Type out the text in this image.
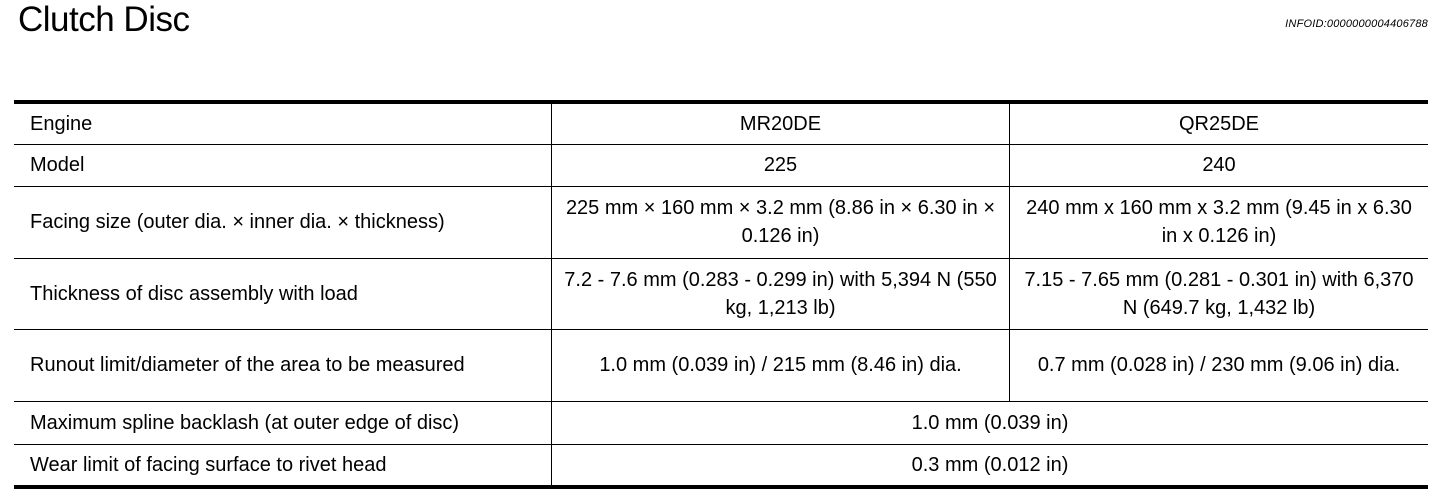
Clutch Disc	INFOID:0000000004406788
Engine	MR20DE	QR25DE
Model	225	240
Facing size (outer dia. × inner dia. × thickness)	225 mm × 160 mm × 3.2 mm (8.86 in × 6.30 in × 0.126 in)	240 mm x 160 mm x 3.2 mm (9.45 in x 6.30 in x 0.126 in)
Thickness of disc assembly with load	7.2 - 7.6 mm (0.283 - 0.299 in) with 5,394 N (550 kg, 1,213 lb)	7.15 - 7.65 mm (0.281 - 0.301 in) with 6,370 N (649.7 kg, 1,432 lb)
Runout limit/diameter of the area to be measured	1.0 mm (0.039 in) / 215 mm (8.46 in) dia.	0.7 mm (0.028 in) / 230 mm (9.06 in) dia.
Maximum spline backlash (at outer edge of disc)	1.0 mm (0.039 in)	
Wear limit of facing surface to rivet head	0.3 mm (0.012 in)	
